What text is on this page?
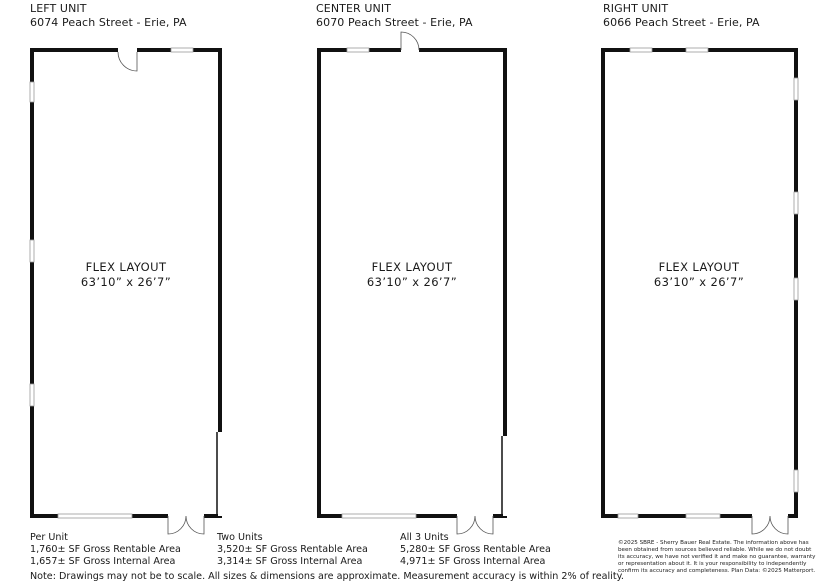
LEFT UNIT
6074 Peach Street - Erie, PA
CENTER UNIT
6070 Peach Street - Erie, PA
RIGHT UNIT
6066 Peach Street - Erie, PA
FLEX LAYOUT
63’10” x 26’7”
FLEX LAYOUT
63’10” x 26’7”
FLEX LAYOUT
63’10” x 26’7”
Per Unit
1,760± SF Gross Rentable Area
1,657± SF Gross Internal Area
Two Units
3,520± SF Gross Rentable Area
3,314± SF Gross Internal Area
All 3 Units
5,280± SF Gross Rentable Area
4,971± SF Gross Internal Area
Note: Drawings may not be to scale. All sizes & dimensions are approximate. Measurement accuracy is within 2% of reality.
©2025 SBRE - Sherry Bauer Real Estate. The information above has been obtained from sources believed reliable. While we do not doubt its accuracy, we have not verified it and make no guarantee, warranty or representation about it. It is your responsibility to independently confirm its accuracy and completeness. Plan Data: ©2025 Matterport.
